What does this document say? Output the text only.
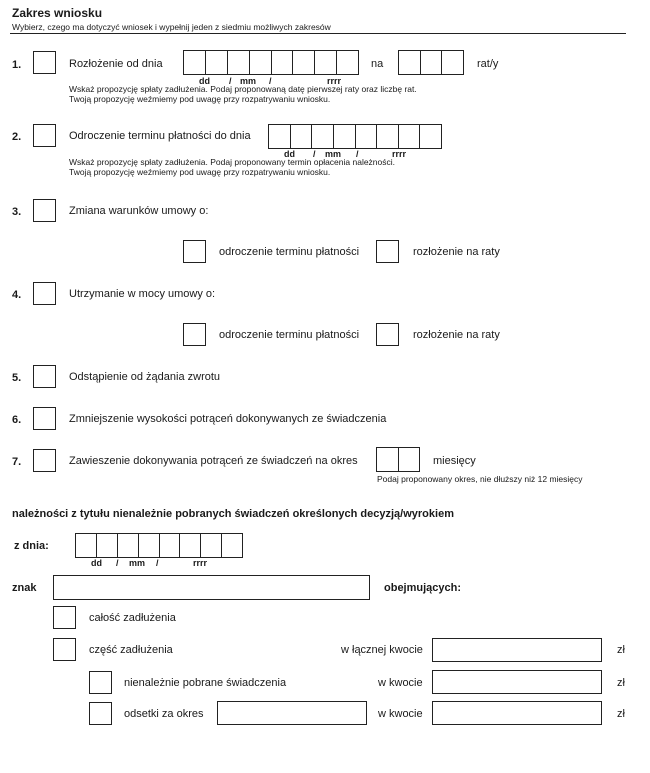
Zakres wniosku
Wybierz, czego ma dotyczyć wniosek i wypełnij jeden z siedmiu możliwych zakresów
1.	Rozłożenie od dnia
dd / mm /	rrrr
na	rat/y
Wskaż propozycję spłaty zadłużenia. Podaj proponowaną datę pierwszej raty oraz liczbę rat.
Twoją propozycję weźmiemy pod uwagę przy rozpatrywaniu wniosku.
2.	Odroczenie terminu płatności do dnia
dd / mm /	rrrr
Wskaż propozycję spłaty zadłużenia. Podaj proponowany termin opłacenia należności.
Twoją propozycję weźmiemy pod uwagę przy rozpatrywaniu wniosku.
3.	Zmiana warunków umowy o:
odroczenie terminu płatności	rozłożenie na raty
4.	Utrzymanie w mocy umowy o:
odroczenie terminu płatności	rozłożenie na raty
5.	Odstąpienie od żądania zwrotu
6.	Zmniejszenie wysokości potrąceń dokonywanych ze świadczenia
7.	Zawieszenie dokonywania potrąceń ze świadczeń na okres	miesięcy
Podaj proponowany okres, nie dłuższy niż 12 miesięcy
należności z tytułu nienależnie pobranych świadczeń określonych decyzją/wyrokiem
z dnia:
dd / mm /	rrrr
znak	obejmujących:
całość zadłużenia
część zadłużenia	w łącznej kwocie	zł
nienależnie pobrane świadczenia	w kwocie	zł
odsetki za okres	w kwocie	zł
